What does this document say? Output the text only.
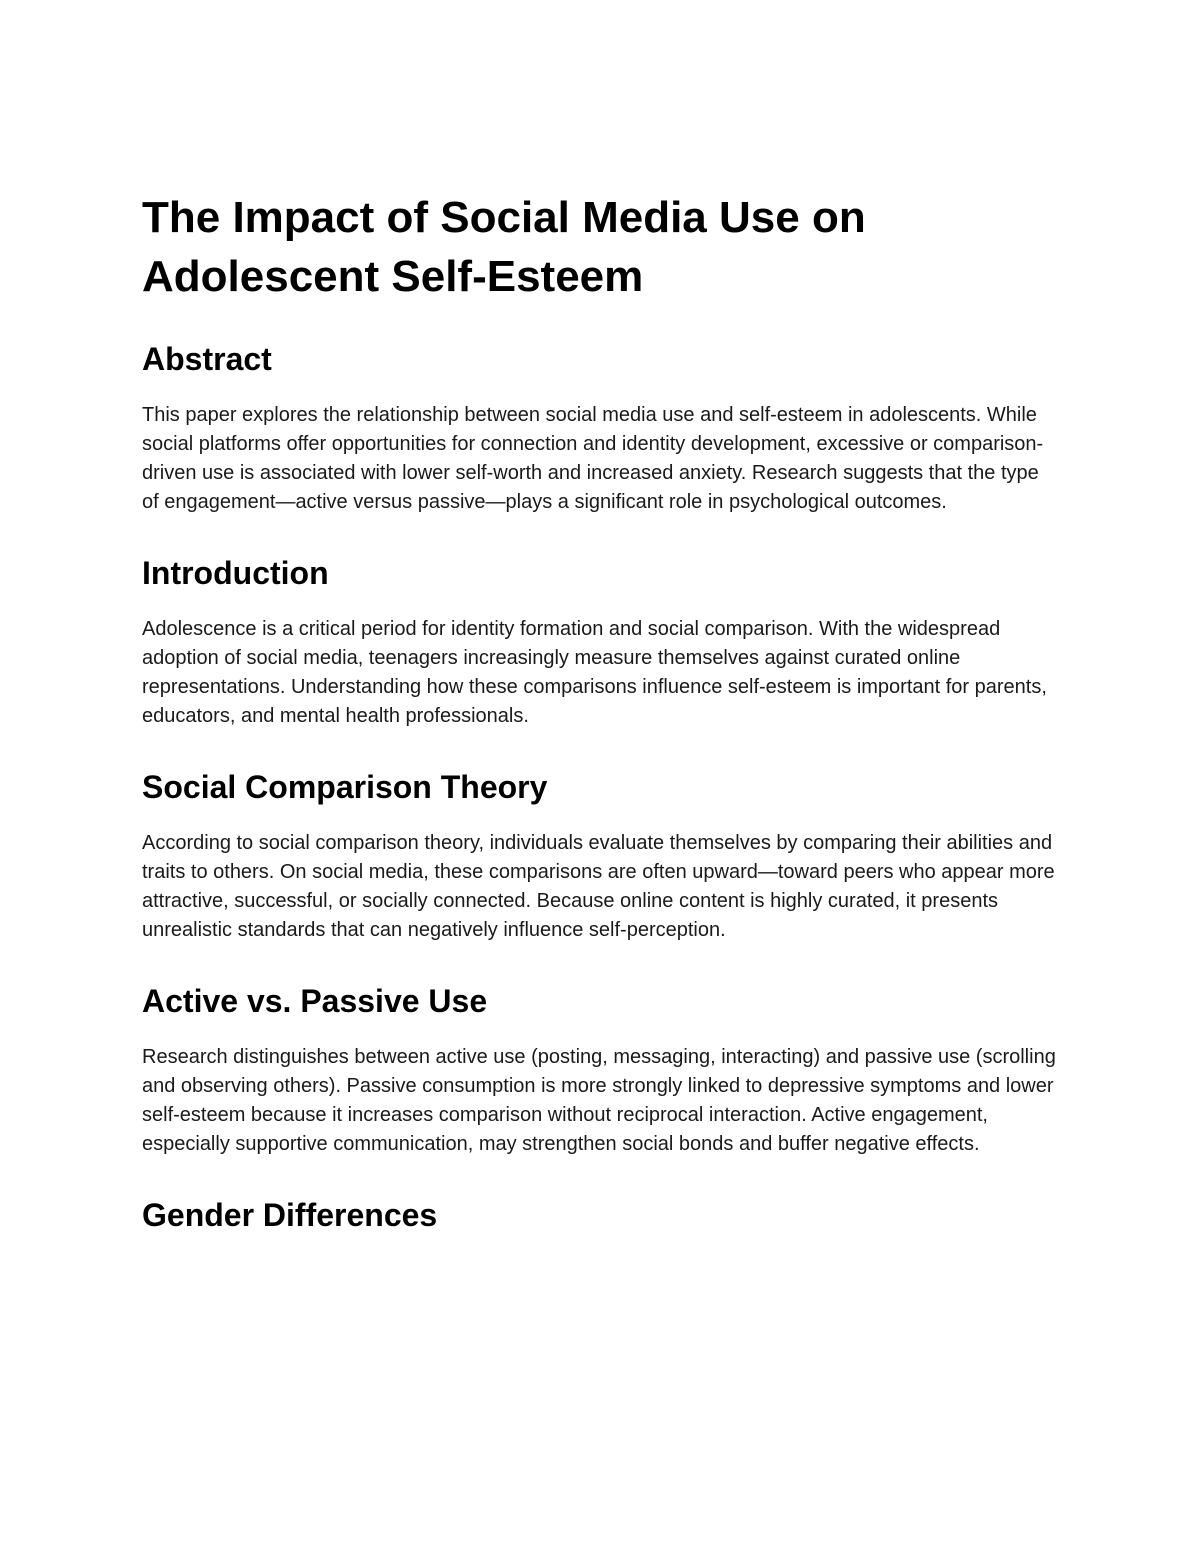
The Impact of Social Media Use on Adolescent Self-Esteem
Abstract

This paper explores the relationship between social media use and self-esteem in adolescents. While social platforms offer opportunities for connection and identity development, excessive or comparison-driven use is associated with lower self-worth and increased anxiety. Research suggests that the type of engagement—active versus passive—plays a significant role in psychological outcomes.

Introduction

Adolescence is a critical period for identity formation and social comparison. With the widespread adoption of social media, teenagers increasingly measure themselves against curated online representations. Understanding how these comparisons influence self-esteem is important for parents, educators, and mental health professionals.

Social Comparison Theory

According to social comparison theory, individuals evaluate themselves by comparing their abilities and traits to others. On social media, these comparisons are often upward—toward peers who appear more attractive, successful, or socially connected. Because online content is highly curated, it presents unrealistic standards that can negatively influence self-perception.

Active vs. Passive Use

Research distinguishes between active use (posting, messaging, interacting) and passive use (scrolling and observing others). Passive consumption is more strongly linked to depressive symptoms and lower self-esteem because it increases comparison without reciprocal interaction. Active engagement, especially supportive communication, may strengthen social bonds and buffer negative effects.

Gender Differences
